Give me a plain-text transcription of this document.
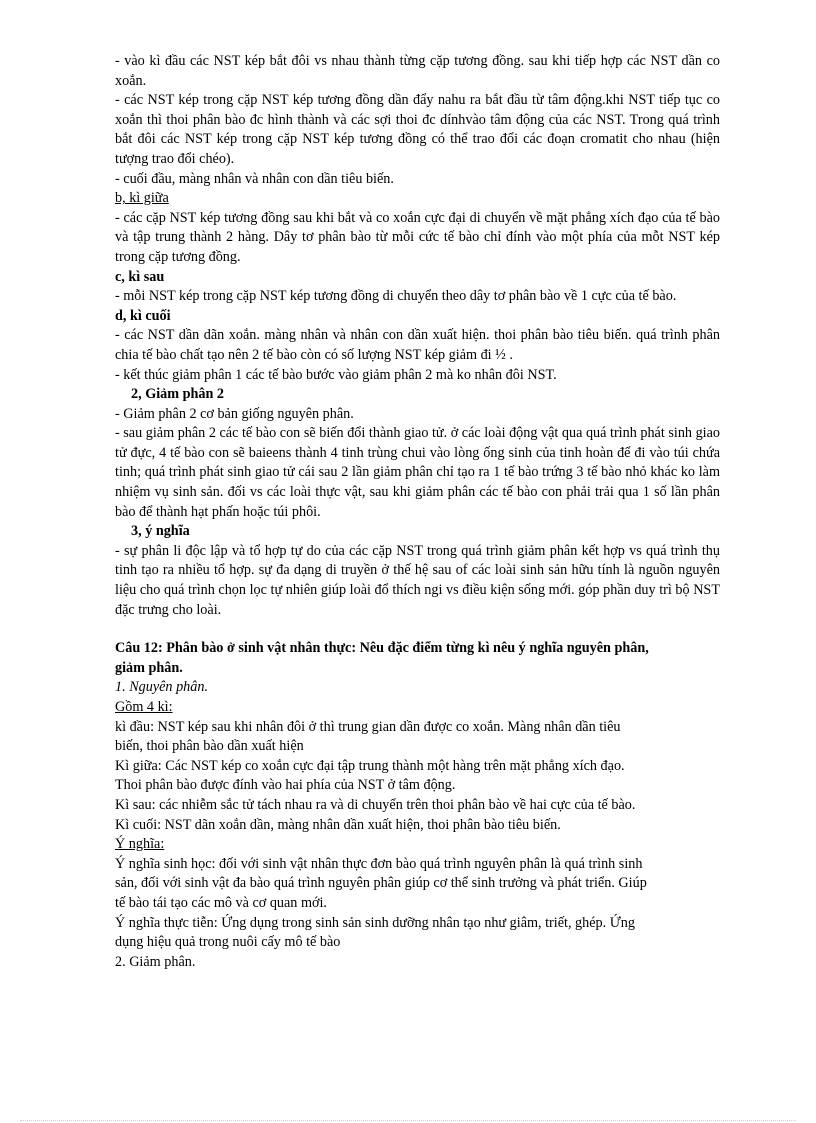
- vào kì đầu các NST kép bắt đôi vs nhau thành từng cặp tương đồng. sau khi tiếp hợp các NST dần co xoắn.

- các NST kép trong cặp NST kép tương đồng dần đẩy nahu ra bắt đầu từ tâm động.khi NST tiếp tục co xoắn thì thoi phân bào đc hình thành và các sợi thoi đc dínhvào tâm động của các NST. Trong quá trình bắt đôi các NST kép trong cặp NST kép tương đồng có thể trao đổi các đoạn cromatit cho nhau (hiện tượng trao đổi chéo).

- cuối đầu, màng nhân và nhân con dần tiêu biến.

b, kì giữa

- các cặp NST kép tương đồng sau khi bắt và co xoắn cực đại di chuyển về mặt phẳng xích đạo của tế bào và tập trung thành 2 hàng. Dây tơ phân bào từ mỗi cức tế bào chỉ đính vào một phía của mỗt NST kép trong cặp tương đồng.

c, kì sau

- mỗi NST kép trong cặp NST kép tương đồng di chuyển theo dây tơ phân bào về 1 cực của tế bào.

d, kì cuối

- các NST dần dãn xoắn. màng nhân và nhân con dần xuất hiện. thoi phân bào tiêu biến. quá trình phân chia tế bào chất tạo nên 2 tế bào còn có số lượng NST kép giảm đi ½ .

- kết thúc giảm phân 1 các tế bào bước vào giảm phân 2 mà ko nhân đôi NST.

2, Giảm phân 2

- Giảm phân 2 cơ bản giống nguyên phân.

- sau giảm phân 2 các tế bào con sẽ biến đổi thành giao tử. ở các loài động vật qua quá trình phát sinh giao tử đực, 4 tế bào con sẽ baieens thành 4 tinh trùng chui vào lòng ống sinh của tinh hoàn để đi vào túi chứa tinh; quá trình phát sinh giao tử cái sau 2 lần giảm phân chỉ tạo ra 1 tế bào trứng 3 tế bào nhỏ khác ko làm nhiệm vụ sinh sản. đối vs các loài thực vật, sau khi giảm phân các tế bào con phải trải qua 1 số lần phân bào để thành hạt phấn hoặc túi phôi.

3, ý nghĩa

- sự phân li độc lập và tổ hợp tự do của các cặp NST trong quá trình giảm phân kết hợp vs quá trình thụ tinh tạo ra nhiều tổ hợp. sự đa dạng di truyền ở thế hệ sau of các loài sinh sản hữu tính là nguồn nguyên liệu cho quá trình chọn lọc tự nhiên giúp loài đổ thích ngi vs điều kiện sống mới. góp phần duy trì bộ NST đặc trưng cho loài.

Câu 12: Phân bào ở sinh vật nhân thực: Nêu đặc điểm từng kì nêu ý nghĩa nguyên phân,
giảm phân.
1. Nguyên phân.
Gồm 4 kì:
kì đầu: NST kép sau khi nhân đôi ở thì trung gian dần được co xoắn. Màng nhân dần tiêu
biến, thoi phân bào dần xuất hiện
Kì giữa: Các NST kép co xoắn cực đại tập trung thành một hàng trên mặt phẳng xích đạo.
Thoi phân bào được đính vào hai phía của NST ở tâm động.
Kì sau: các nhiễm sắc tử tách nhau ra và di chuyển trên thoi phân bào về hai cực của tế bào.
Kì cuối: NST dãn xoắn dần, màng nhân dần xuất hiện, thoi phân bào tiêu biến.
Ý nghĩa:
Ý nghĩa sinh học: đối với sinh vật nhân thực đơn bào quá trình nguyên phân là quá trình sinh
sản, đối với sinh vật đa bào quá trình nguyên phân giúp cơ thể sinh trưởng và phát triển. Giúp
tế bào tái tạo các mô và cơ quan mới.
Ý nghĩa thực tiễn: Ứng dụng trong sinh sản sinh dưỡng nhân tạo như giâm, triết, ghép. Ứng
dụng hiệu quả trong nuôi cấy mô tế bào
2. Giảm phân.
